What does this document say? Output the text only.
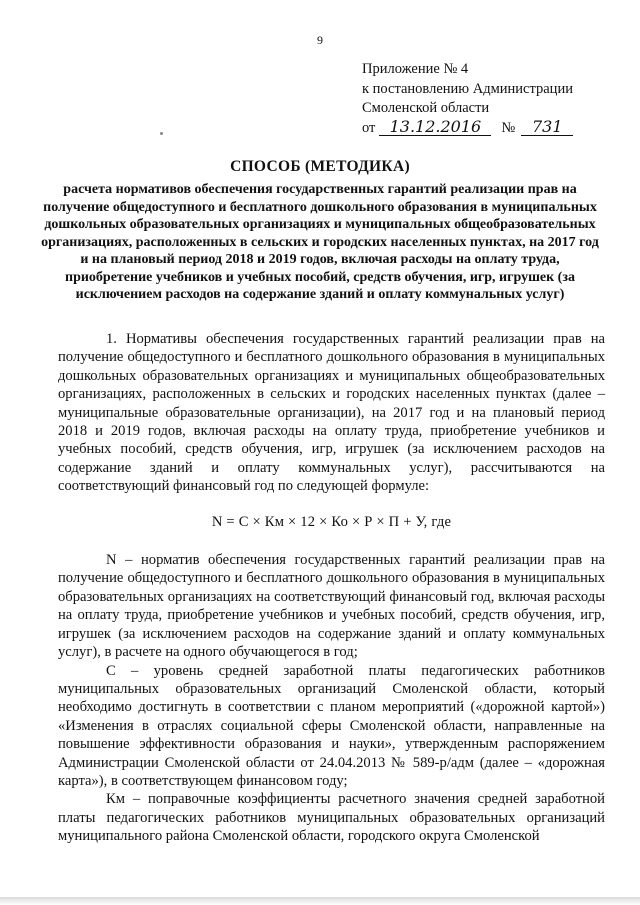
9
Приложение № 4
к постановлению Администрации
Смоленской области
от 13.12.2016	№	731
СПОСОБ (МЕТОДИКА)
расчета нормативов обеспечения государственных гарантий реализации прав на получение общедоступного и бесплатного дошкольного образования в муниципальных дошкольных образовательных организациях и муниципальных общеобразовательных организациях, расположенных в сельских и городских населенных пунктах, на 2017 год и на плановый период 2018 и 2019 годов, включая расходы на оплату труда, приобретение учебников и учебных пособий, средств обучения, игр, игрушек (за исключением расходов на содержание зданий и оплату коммунальных услуг)

1. Нормативы обеспечения государственных гарантий реализации прав на получение общедоступного и бесплатного дошкольного образования в муниципальных дошкольных образовательных организациях и муниципальных общеобразовательных организациях, расположенных в сельских и городских населенных пунктах (далее – муниципальные образовательные организации), на 2017 год и на плановый период 2018 и 2019 годов, включая расходы на оплату труда, приобретение учебников и учебных пособий, средств обучения, игр, игрушек (за исключением расходов на содержание зданий и оплату коммунальных услуг), рассчитываются на соответствующий финансовый год по следующей формуле:

N = C × Км × 12 × Ко × Р × П + У, где

N – норматив обеспечения государственных гарантий реализации прав на получение общедоступного и бесплатного дошкольного образования в муниципальных образовательных организациях на соответствующий финансовый год, включая расходы на оплату труда, приобретение учебников и учебных пособий, средств обучения, игр, игрушек (за исключением расходов на содержание зданий и оплату коммунальных услуг), в расчете на одного обучающегося в год;

С – уровень средней заработной платы педагогических работников муниципальных образовательных организаций Смоленской области, который необходимо достигнуть в соответствии с планом мероприятий («дорожной картой») «Изменения в отраслях социальной сферы Смоленской области, направленные на повышение эффективности образования и науки», утвержденным распоряжением Администрации Смоленской области от 24.04.2013 № 589-р/адм (далее – «дорожная карта»), в соответствующем финансовом году;

Км – поправочные коэффициенты расчетного значения средней заработной платы педагогических работников муниципальных образовательных организаций муниципального района Смоленской области, городского округа Смоленской
